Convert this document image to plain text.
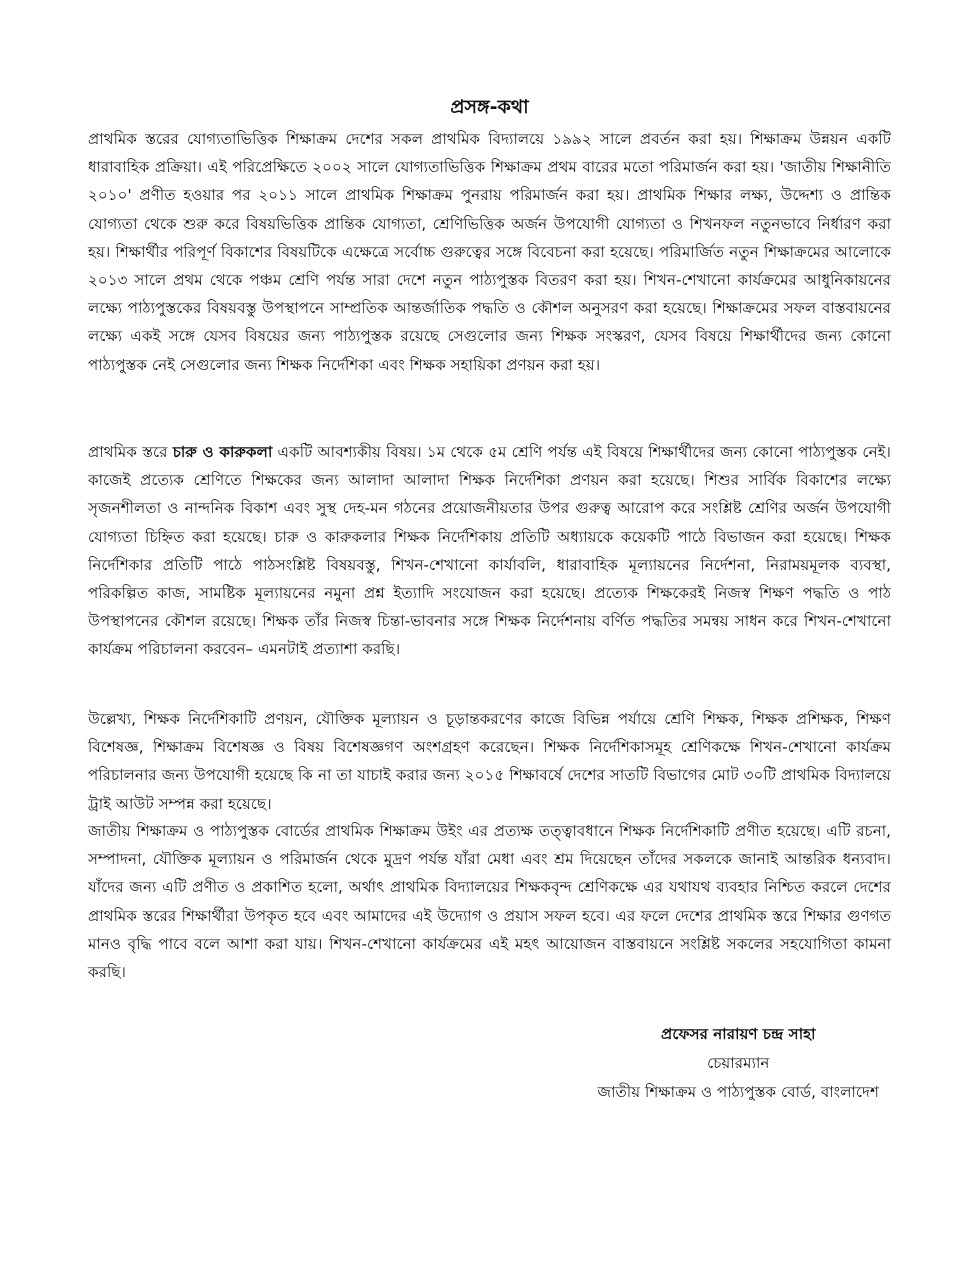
প্রসঙ্গ-কথা

প্রাথমিক স্তরের যোগ্যতাভিত্তিক শিক্ষাক্রম দেশের সকল প্রাথমিক বিদ্যালয়ে ১৯৯২ সালে প্রবর্তন করা হয়। শিক্ষাক্রম উন্নয়ন একটি ধারাবাহিক প্রক্রিয়া। এই পরিপ্রেক্ষিতে ২০০২ সালে যোগ্যতাভিত্তিক শিক্ষাক্রম প্রথম বারের মতো পরিমার্জন করা হয়। 'জাতীয় শিক্ষানীতি ২০১০' প্রণীত হওয়ার পর ২০১১ সালে প্রাথমিক শিক্ষাক্রম পুনরায় পরিমার্জন করা হয়। প্রাথমিক শিক্ষার লক্ষ্য, উদ্দেশ্য ও প্রান্তিক যোগ্যতা থেকে শুরু করে বিষয়ভিত্তিক প্রান্তিক যোগ্যতা, শ্রেণিভিত্তিক অর্জন উপযোগী যোগ্যতা ও শিখনফল নতুনভাবে নির্ধারণ করা হয়। শিক্ষার্থীর পরিপূর্ণ বিকাশের বিষয়টিকে এক্ষেত্রে সর্বোচ্চ গুরুত্বের সঙ্গে বিবেচনা করা হয়েছে। পরিমার্জিত নতুন শিক্ষাক্রমের আলোকে ২০১৩ সালে প্রথম থেকে পঞ্চম শ্রেণি পর্যন্ত সারা দেশে নতুন পাঠ্যপুস্তক বিতরণ করা হয়। শিখন-শেখানো কার্যক্রমের আধুনিকায়নের লক্ষ্যে পাঠ্যপুস্তকের বিষয়বস্তু উপস্থাপনে সাম্প্রতিক আন্তর্জাতিক পদ্ধতি ও কৌশল অনুসরণ করা হয়েছে। শিক্ষাক্রমের সফল বাস্তবায়নের লক্ষ্যে একই সঙ্গে যেসব বিষয়ের জন্য পাঠ্যপুস্তক রয়েছে সেগুলোর জন্য শিক্ষক সংস্করণ, যেসব বিষয়ে শিক্ষার্থীদের জন্য কোনো পাঠ্যপুস্তক নেই সেগুলোর জন্য শিক্ষক নির্দেশিকা এবং শিক্ষক সহায়িকা প্রণয়ন করা হয়।

প্রাথমিক স্তরে চারু ও কারুকলা একটি আবশ্যকীয় বিষয়। ১ম থেকে ৫ম শ্রেণি পর্যন্ত এই বিষয়ে শিক্ষার্থীদের জন্য কোনো পাঠ্যপুস্তক নেই। কাজেই প্রত্যেক শ্রেণিতে শিক্ষকের জন্য আলাদা আলাদা শিক্ষক নির্দেশিকা প্রণয়ন করা হয়েছে। শিশুর সার্বিক বিকাশের লক্ষ্যে সৃজনশীলতা ও নান্দনিক বিকাশ এবং সুস্থ দেহ-মন গঠনের প্রয়োজনীয়তার উপর গুরুত্ব আরোপ করে সংশ্লিষ্ট শ্রেণির অর্জন উপযোগী যোগ্যতা চিহ্নিত করা হয়েছে। চারু ও কারুকলার শিক্ষক নির্দেশিকায় প্রতিটি অধ্যায়কে কয়েকটি পাঠে বিভাজন করা হয়েছে। শিক্ষক নির্দেশিকার প্রতিটি পাঠে পাঠসংশ্লিষ্ট বিষয়বস্তু, শিখন-শেখানো কার্যাবলি, ধারাবাহিক মূল্যায়নের নির্দেশনা, নিরাময়মূলক ব্যবস্থা, পরিকল্পিত কাজ, সামষ্টিক মূল্যায়নের নমুনা প্রশ্ন ইত্যাদি সংযোজন করা হয়েছে। প্রত্যেক শিক্ষকেরই নিজস্ব শিক্ষণ পদ্ধতি ও পাঠ উপস্থাপনের কৌশল রয়েছে। শিক্ষক তাঁর নিজস্ব চিন্তা-ভাবনার সঙ্গে শিক্ষক নির্দেশনায় বর্ণিত পদ্ধতির সমন্বয় সাধন করে শিখন-শেখানো কার্যক্রম পরিচালনা করবেন– এমনটাই প্রত্যাশা করছি।

উল্লেখ্য, শিক্ষক নির্দেশিকাটি প্রণয়ন, যৌক্তিক মূল্যায়ন ও চূড়ান্তকরণের কাজে বিভিন্ন পর্যায়ে শ্রেণি শিক্ষক, শিক্ষক প্রশিক্ষক, শিক্ষণ বিশেষজ্ঞ, শিক্ষাক্রম বিশেষজ্ঞ ও বিষয় বিশেষজ্ঞগণ অংশগ্রহণ করেছেন। শিক্ষক নির্দেশিকাসমূহ শ্রেণিকক্ষে শিখন-শেখানো কার্যক্রম পরিচালনার জন্য উপযোগী হয়েছে কি না তা যাচাই করার জন্য ২০১৫ শিক্ষাবর্ষে দেশের সাতটি বিভাগের মোট ৩০টি প্রাথমিক বিদ্যালয়ে ট্রাই আউট সম্পন্ন করা হয়েছে।

জাতীয় শিক্ষাক্রম ও পাঠ্যপুস্তক বোর্ডের প্রাথমিক শিক্ষাক্রম উইং এর প্রত্যক্ষ তত্ত্বাবধানে শিক্ষক নির্দেশিকাটি প্রণীত হয়েছে। এটি রচনা, সম্পাদনা, যৌক্তিক মূল্যায়ন ও পরিমার্জন থেকে মুদ্রণ পর্যন্ত যাঁরা মেধা এবং শ্রম দিয়েছেন তাঁদের সকলকে জানাই আন্তরিক ধন্যবাদ। যাঁদের জন্য এটি প্রণীত ও প্রকাশিত হলো, অর্থাৎ প্রাথমিক বিদ্যালয়ের শিক্ষকবৃন্দ শ্রেণিকক্ষে এর যথাযথ ব্যবহার নিশ্চিত করলে দেশের প্রাথমিক স্তরের শিক্ষার্থীরা উপকৃত হবে এবং আমাদের এই উদ্যোগ ও প্রয়াস সফল হবে। এর ফলে দেশের প্রাথমিক স্তরে শিক্ষার গুণগত মানও বৃদ্ধি পাবে বলে আশা করা যায়। শিখন-শেখানো কার্যক্রমের এই মহৎ আয়োজন বাস্তবায়নে সংশ্লিষ্ট সকলের সহযোগিতা কামনা করছি।

প্রফেসর নারায়ণ চন্দ্র সাহা
চেয়ারম্যান
জাতীয় শিক্ষাক্রম ও পাঠ্যপুস্তক বোর্ড, বাংলাদেশ
